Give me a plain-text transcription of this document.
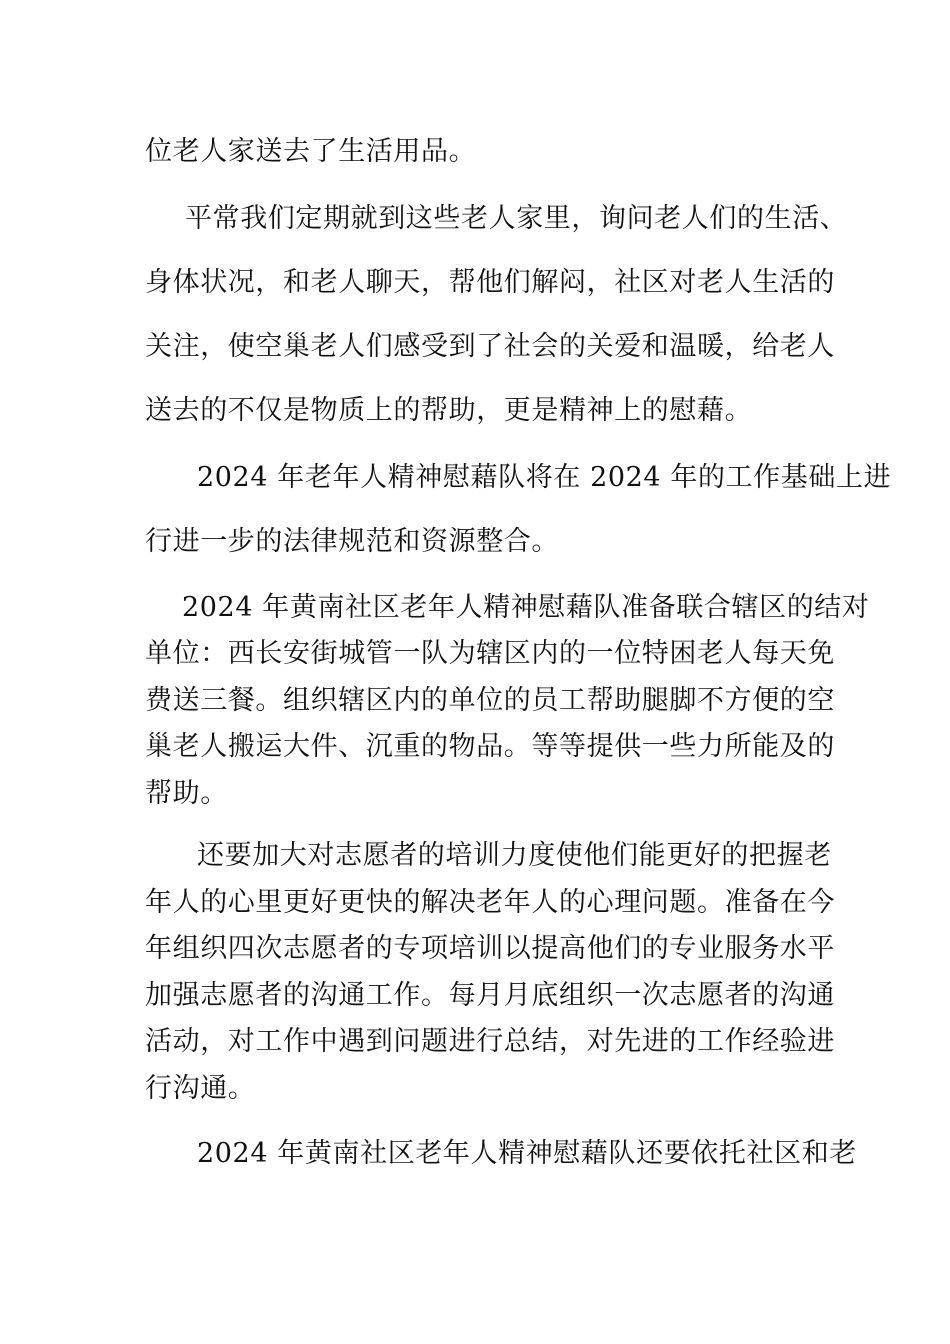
位老人家送去了生活用品。
平常我们定期就到这些老人家里，询问老人们的生活、
身体状况，和老人聊天，帮他们解闷，社区对老人生活的
关注，使空巢老人们感受到了社会的关爱和温暖，给老人
送去的不仅是物质上的帮助，更是精神上的慰藉。
2024 年老年人精神慰藉队将在 2024 年的工作基础上进
行进一步的法律规范和资源整合。
2024 年黄南社区老年人精神慰藉队准备联合辖区的结对
单位：西长安街城管一队为辖区内的一位特困老人每天免
费送三餐。组织辖区内的单位的员工帮助腿脚不方便的空
巢老人搬运大件、沉重的物品。等等提供一些力所能及的
帮助。
还要加大对志愿者的培训力度使他们能更好的把握老
年人的心里更好更快的解决老年人的心理问题。准备在今
年组织四次志愿者的专项培训以提高他们的专业服务水平
加强志愿者的沟通工作。每月月底组织一次志愿者的沟通
活动，对工作中遇到问题进行总结，对先进的工作经验进
行沟通。
2024 年黄南社区老年人精神慰藉队还要依托社区和老
